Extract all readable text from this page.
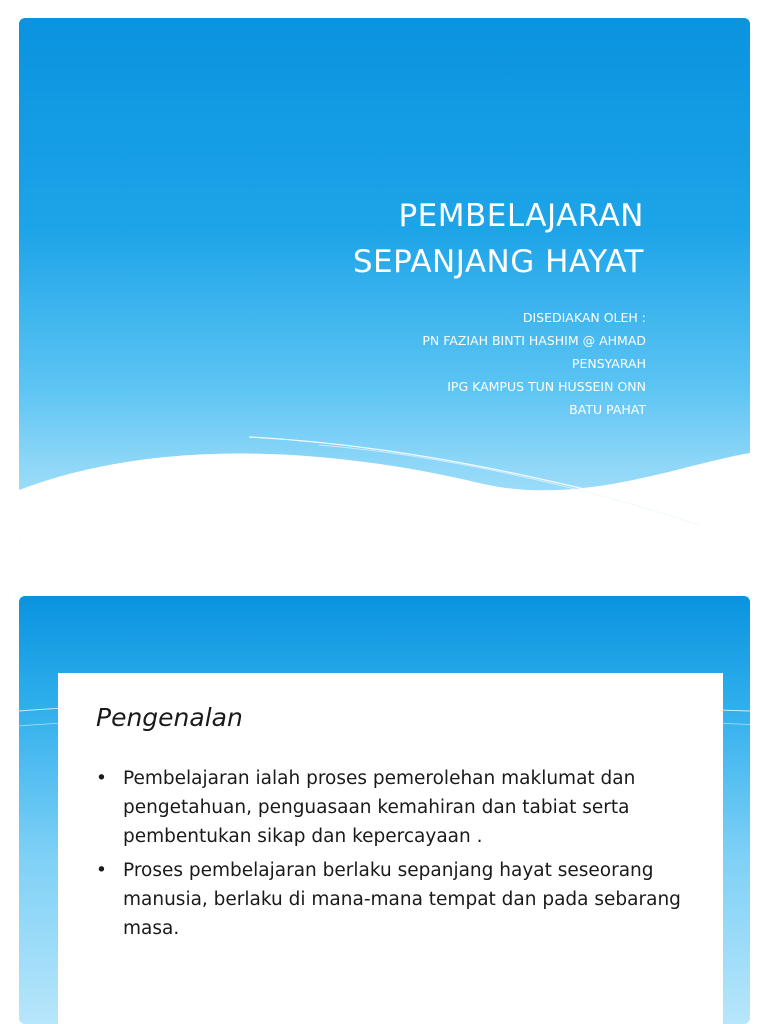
PEMBELAJARAN
SEPANJANG HAYAT
DISEDIAKAN OLEH :
PN FAZIAH BINTI HASHIM @ AHMAD
PENSYARAH
IPG KAMPUS TUN HUSSEIN ONN
BATU PAHAT
Pengenalan
• Pembelajaran ialah proses pemerolehan maklumat dan pengetahuan, penguasaan kemahiran dan tabiat serta pembentukan sikap dan kepercayaan .
• Proses pembelajaran berlaku sepanjang hayat seseorang manusia, berlaku di mana-mana tempat dan pada sebarang masa.
